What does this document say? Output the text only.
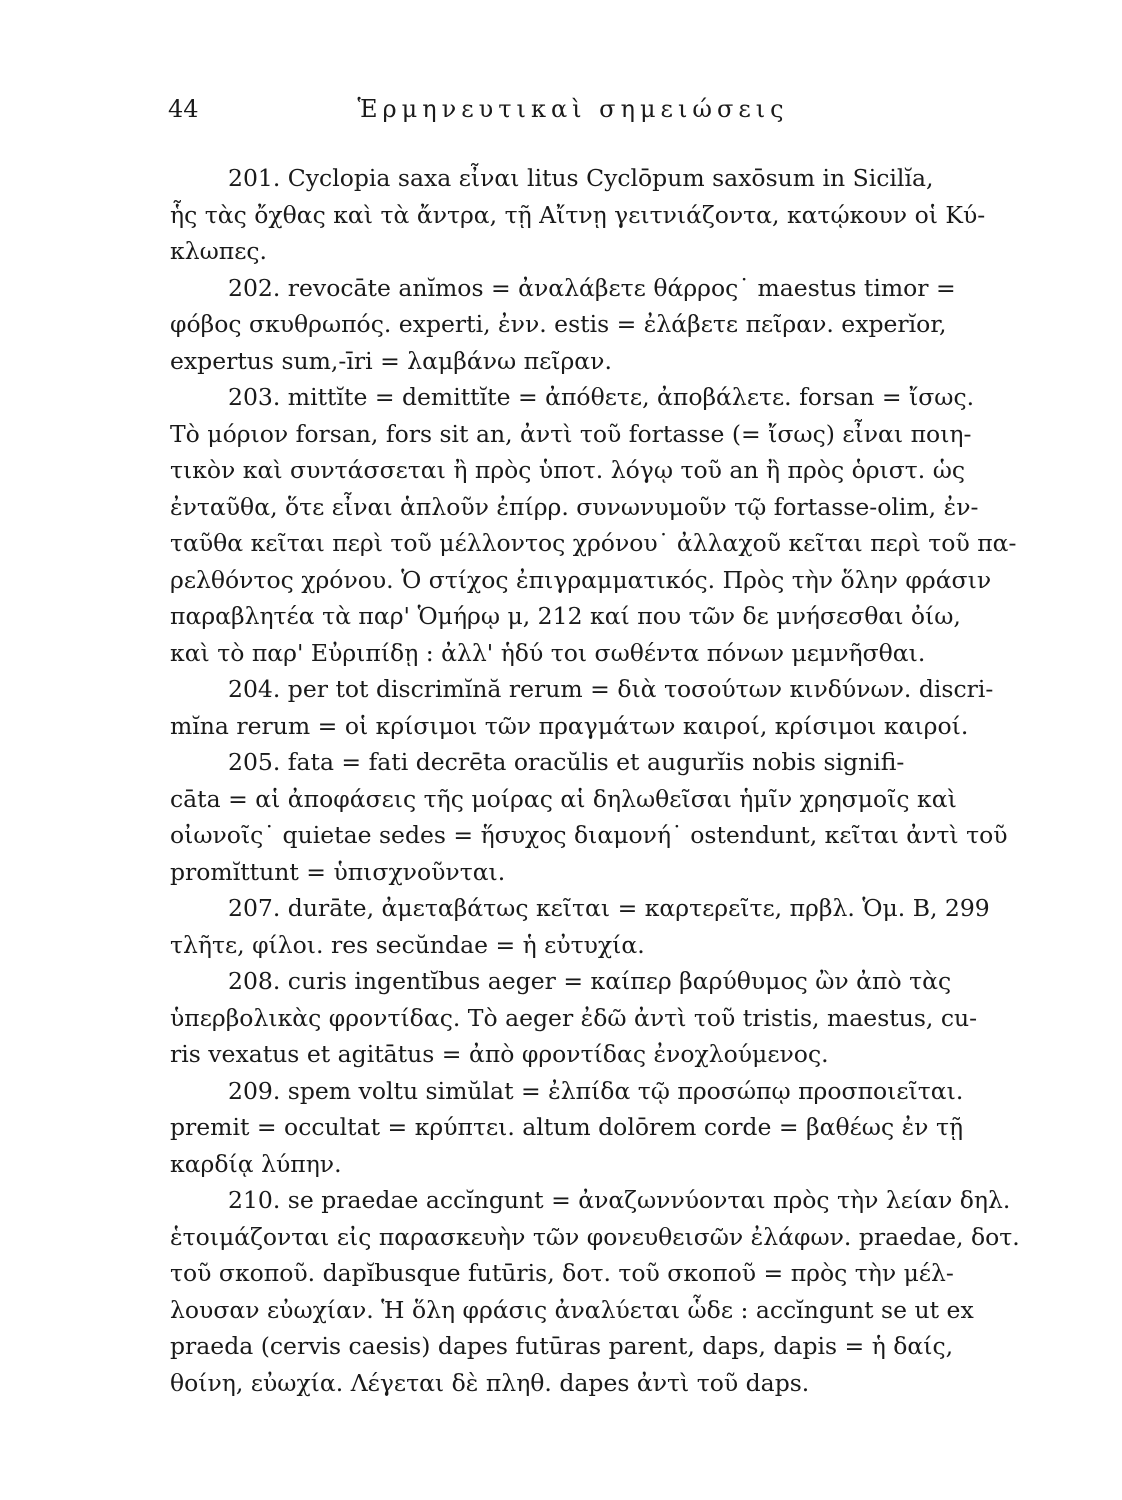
44	Ἑρμηνευτικαὶ σημειώσεις
201. Cyclopia saxa εἶναι litus Cyclōpum saxōsum in Sicilĭa,
ἧς τὰς ὄχθας καὶ τὰ ἄντρα, τῇ Αἴτνῃ γειτνιάζοντα, κατῴκουν οἱ Κύ-
κλωπες.
202. revocāte anĭmos = ἀναλάβετε θάρρος˙ maestus timor =
φόβος σκυθρωπός. experti, ἐνν. estis = ἐλάβετε πεῖραν. experĭor,
expertus sum,-īri = λαμβάνω πεῖραν.
203. mittĭte = demittĭte = ἀπόθετε, ἀποβάλετε. forsan = ἴσως.
Τὸ μόριον forsan, fors sit an, ἀντὶ τοῦ fortasse (= ἴσως) εἶναι ποιη-
τικὸν καὶ συντάσσεται ἢ πρὸς ὑποτ. λόγῳ τοῦ an ἢ πρὸς ὁριστ. ὡς
ἐνταῦθα, ὅτε εἶναι ἁπλοῦν ἐπίρρ. συνωνυμοῦν τῷ fortasse-olim, ἐν-
ταῦθα κεῖται περὶ τοῦ μέλλοντος χρόνου˙ ἀλλαχοῦ κεῖται περὶ τοῦ πα-
ρελθόντος χρόνου. Ὁ στίχος ἐπιγραμματικός. Πρὸς τὴν ὅλην φράσιν
παραβλητέα τὰ παρ' Ὁμήρῳ μ, 212 καί που τῶν δε μνήσεσθαι ὀίω,
καὶ τὸ παρ' Εὐριπίδῃ : ἀλλ' ἡδύ τοι σωθέντα πόνων μεμνῆσθαι.
204. per tot discrimĭnă rerum = διὰ τοσούτων κινδύνων. discri-
mĭna rerum = οἱ κρίσιμοι τῶν πραγμάτων καιροί, κρίσιμοι καιροί.
205. fata = fati decrēta oracŭlis et augurĭis nobis signifi-
cāta = αἱ ἀποφάσεις τῆς μοίρας αἱ δηλωθεῖσαι ἡμῖν χρησμοῖς καὶ
οἰωνοῖς˙ quietae sedes = ἥσυχος διαμονή˙ ostendunt, κεῖται ἀντὶ τοῦ
promĭttunt = ὑπισχνοῦνται.
207. durāte, ἀμεταβάτως κεῖται = καρτερεῖτε, πρβλ. Ὁμ. Β, 299
τλῆτε, φίλοι. res secŭndae = ἡ εὐτυχία.
208. curis ingentĭbus aeger = καίπερ βαρύθυμος ὢν ἀπὸ τὰς
ὑπερβολικὰς φροντίδας. Τὸ aeger ἐδῶ ἀντὶ τοῦ tristis, maestus, cu-
ris vexatus et agitātus = ἀπὸ φροντίδας ἐνοχλούμενος.
209. spem voltu simŭlat = ἐλπίδα τῷ προσώπῳ προσποιεῖται.
premit = occultat = κρύπτει. altum dolōrem corde = βαθέως ἐν τῇ
καρδίᾳ λύπην.
210. se praedae accĭngunt = ἀναζωννύονται πρὸς τὴν λείαν δηλ.
ἑτοιμάζονται εἰς παρασκευὴν τῶν φονευθεισῶν ἐλάφων. praedae, δοτ.
τοῦ σκοποῦ. dapĭbusque futūris, δοτ. τοῦ σκοποῦ = πρὸς τὴν μέλ-
λουσαν εὐωχίαν. Ἡ ὅλη φράσις ἀναλύεται ὧδε : accĭngunt se ut ex
praeda (cervis caesis) dapes futūras parent, daps, dapis = ἡ δαίς,
θοίνη, εὐωχία. Λέγεται δὲ πληθ. dapes ἀντὶ τοῦ daps.
